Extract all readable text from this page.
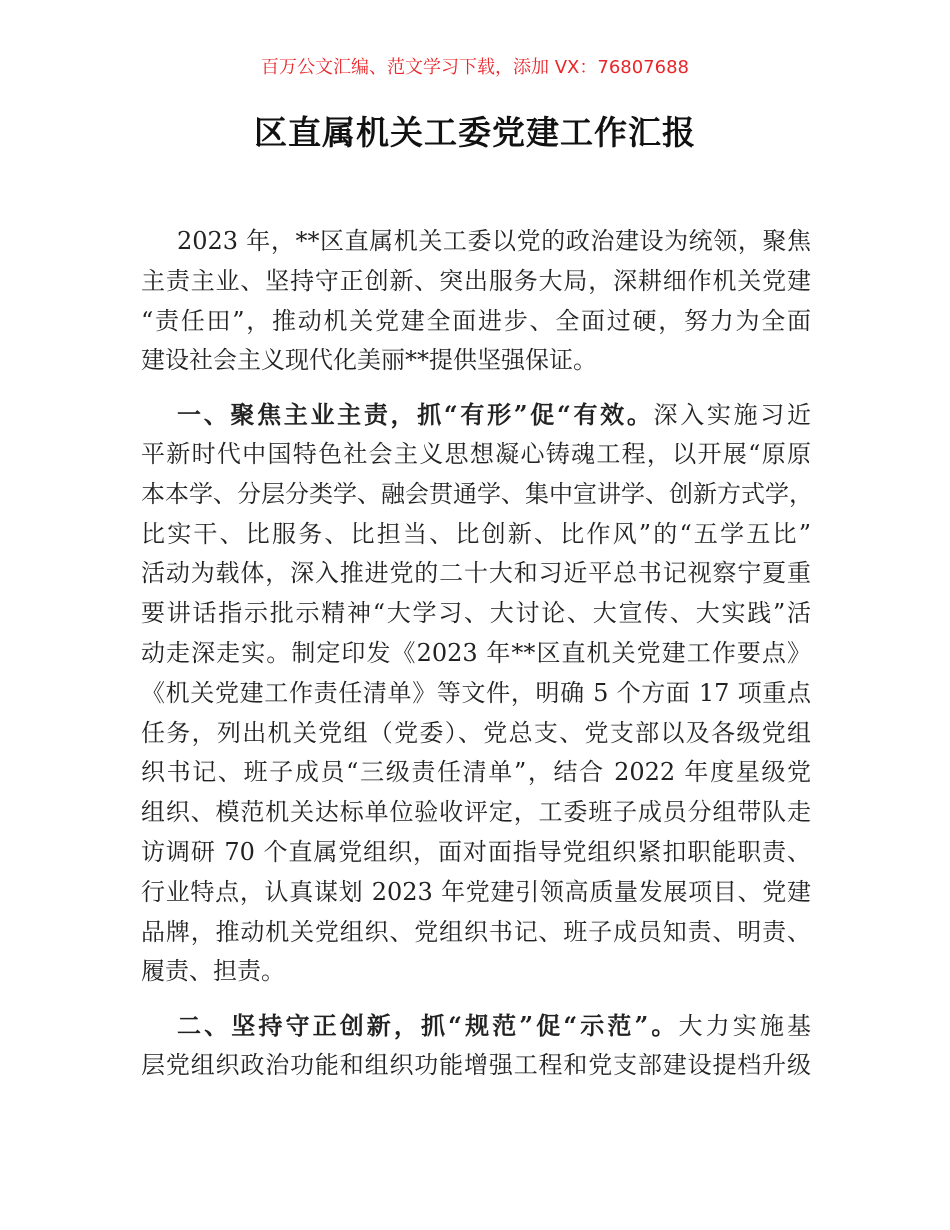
百万公文汇编、范文学习下载，添加 VX：76807688
区直属机关工委党建工作汇报
2023 年，**区直属机关工委以党的政治建设为统领，聚焦
主责主业、坚持守正创新、突出服务大局，深耕细作机关党建
“责任田”，推动机关党建全面进步、全面过硬，努力为全面
建设社会主义现代化美丽**提供坚强保证。
一、聚焦主业主责，抓“有形”促“有效。深入实施习近
平新时代中国特色社会主义思想凝心铸魂工程，以开展“原原
本本学、分层分类学、融会贯通学、集中宣讲学、创新方式学，
比实干、比服务、比担当、比创新、比作风”的“五学五比”
活动为载体，深入推进党的二十大和习近平总书记视察宁夏重
要讲话指示批示精神“大学习、大讨论、大宣传、大实践”活
动走深走实。制定印发《2023 年**区直机关党建工作要点》
《机关党建工作责任清单》等文件，明确 5 个方面 17 项重点
任务，列出机关党组（党委）、党总支、党支部以及各级党组
织书记、班子成员“三级责任清单”，结合 2022 年度星级党
组织、模范机关达标单位验收评定，工委班子成员分组带队走
访调研 70 个直属党组织，面对面指导党组织紧扣职能职责、
行业特点，认真谋划 2023 年党建引领高质量发展项目、党建
品牌，推动机关党组织、党组织书记、班子成员知责、明责、
履责、担责。
二、坚持守正创新，抓“规范”促“示范”。大力实施基
层党组织政治功能和组织功能增强工程和党支部建设提档升级
